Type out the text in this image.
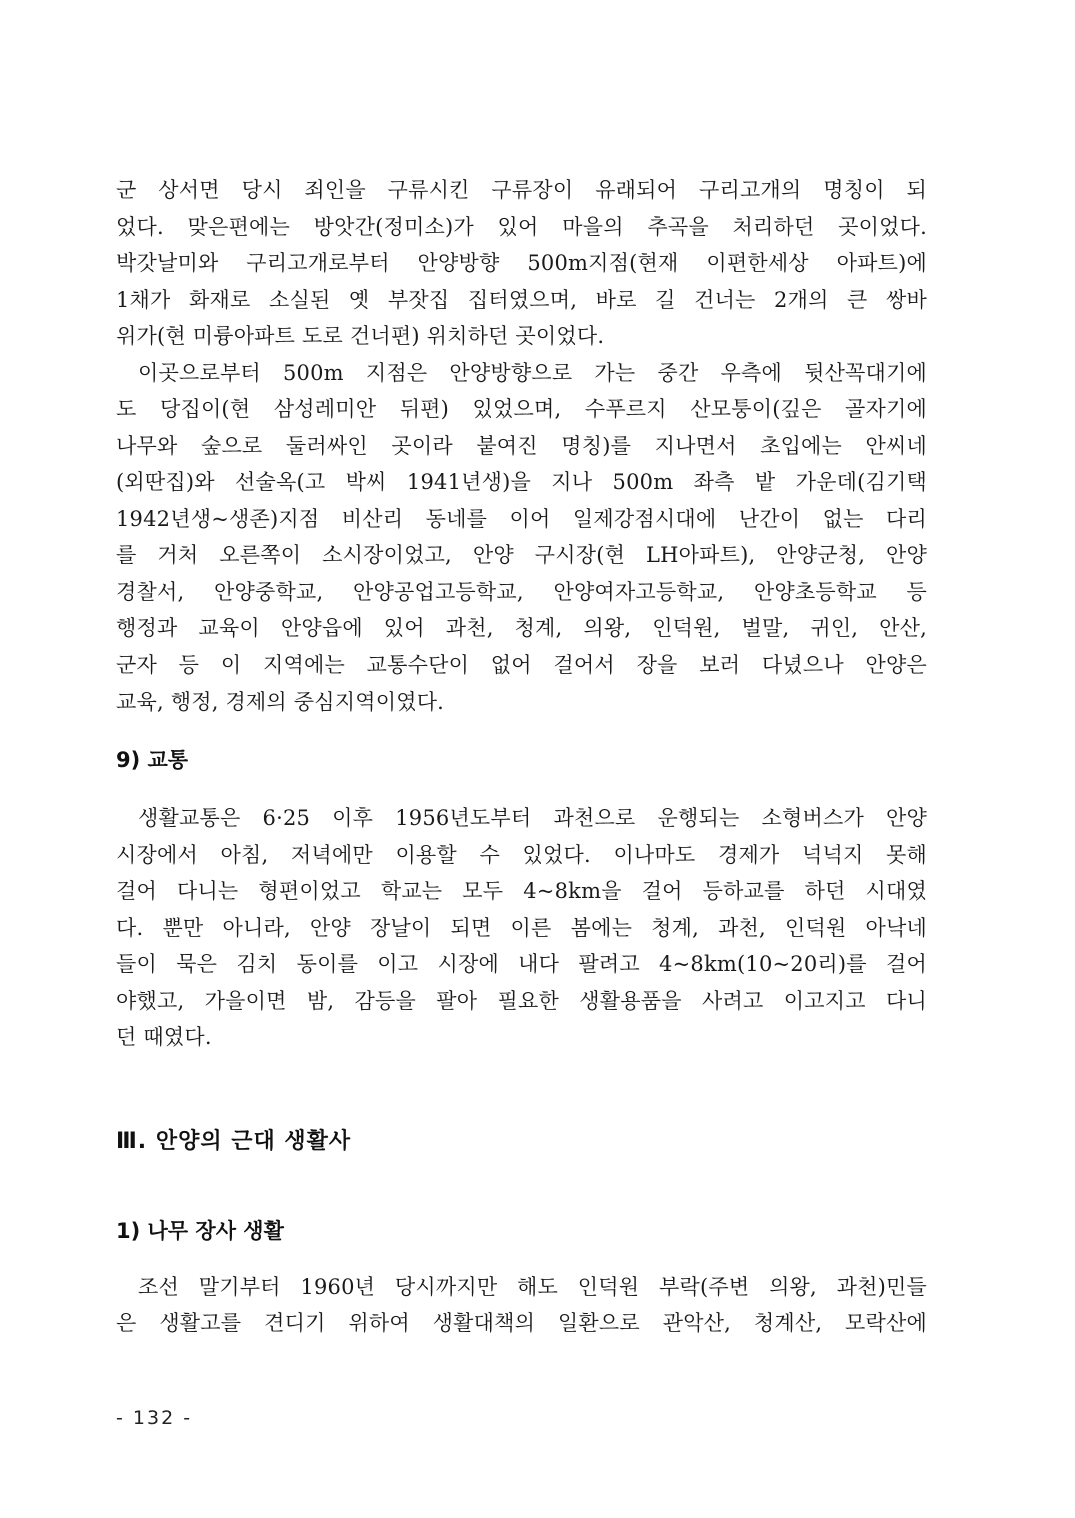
군 상서면 당시 죄인을 구류시킨 구류장이 유래되어 구리고개의 명칭이 되
었다. 맞은편에는 방앗간(정미소)가 있어 마을의 추곡을 처리하던 곳이었다.
박갓날미와 구리고개로부터 안양방향 500m지점(현재 이편한세상 아파트)에
1채가 화재로 소실된 옛 부잣집 집터였으며, 바로 길 건너는 2개의 큰 쌍바
위가(현 미륭아파트 도로 건너편) 위치하던 곳이었다.
이곳으로부터 500m 지점은 안양방향으로 가는 중간 우측에 뒷산꼭대기에
도 당집이(현 삼성레미안 뒤편) 있었으며, 수푸르지 산모퉁이(깊은 골자기에
나무와 숲으로 둘러싸인 곳이라 붙여진 명칭)를 지나면서 초입에는 안씨네
(외딴집)와 선술옥(고 박씨 1941년생)을 지나 500m 좌측 밭 가운데(김기택
1942년생~생존)지점 비산리 동네를 이어 일제강점시대에 난간이 없는 다리
를 거처 오른쪽이 소시장이었고, 안양 구시장(현 LH아파트), 안양군청, 안양
경찰서, 안양중학교, 안양공업고등학교, 안양여자고등학교, 안양초등학교 등
행정과 교육이 안양읍에 있어 과천, 청계, 의왕, 인덕원, 벌말, 귀인, 안산,
군자 등 이 지역에는 교통수단이 없어 걸어서 장을 보러 다녔으나 안양은
교육, 행정, 경제의 중심지역이였다.
9) 교통
생활교통은 6·25 이후 1956년도부터 과천으로 운행되는 소형버스가 안양
시장에서 아침, 저녁에만 이용할 수 있었다. 이나마도 경제가 넉넉지 못해
걸어 다니는 형편이었고 학교는 모두 4~8km을 걸어 등하교를 하던 시대였
다. 뿐만 아니라, 안양 장날이 되면 이른 봄에는 청계, 과천, 인덕원 아낙네
들이 묵은 김치 동이를 이고 시장에 내다 팔려고 4~8km(10~20리)를 걸어
야했고, 가을이면 밤, 감등을 팔아 필요한 생활용품을 사려고 이고지고 다니
던 때였다.
Ⅲ. 안양의 근대 생활사
1) 나무 장사 생활
조선 말기부터 1960년 당시까지만 해도 인덕원 부락(주변 의왕, 과천)민들
은 생활고를 견디기 위하여 생활대책의 일환으로 관악산, 청계산, 모락산에
- 132 -
